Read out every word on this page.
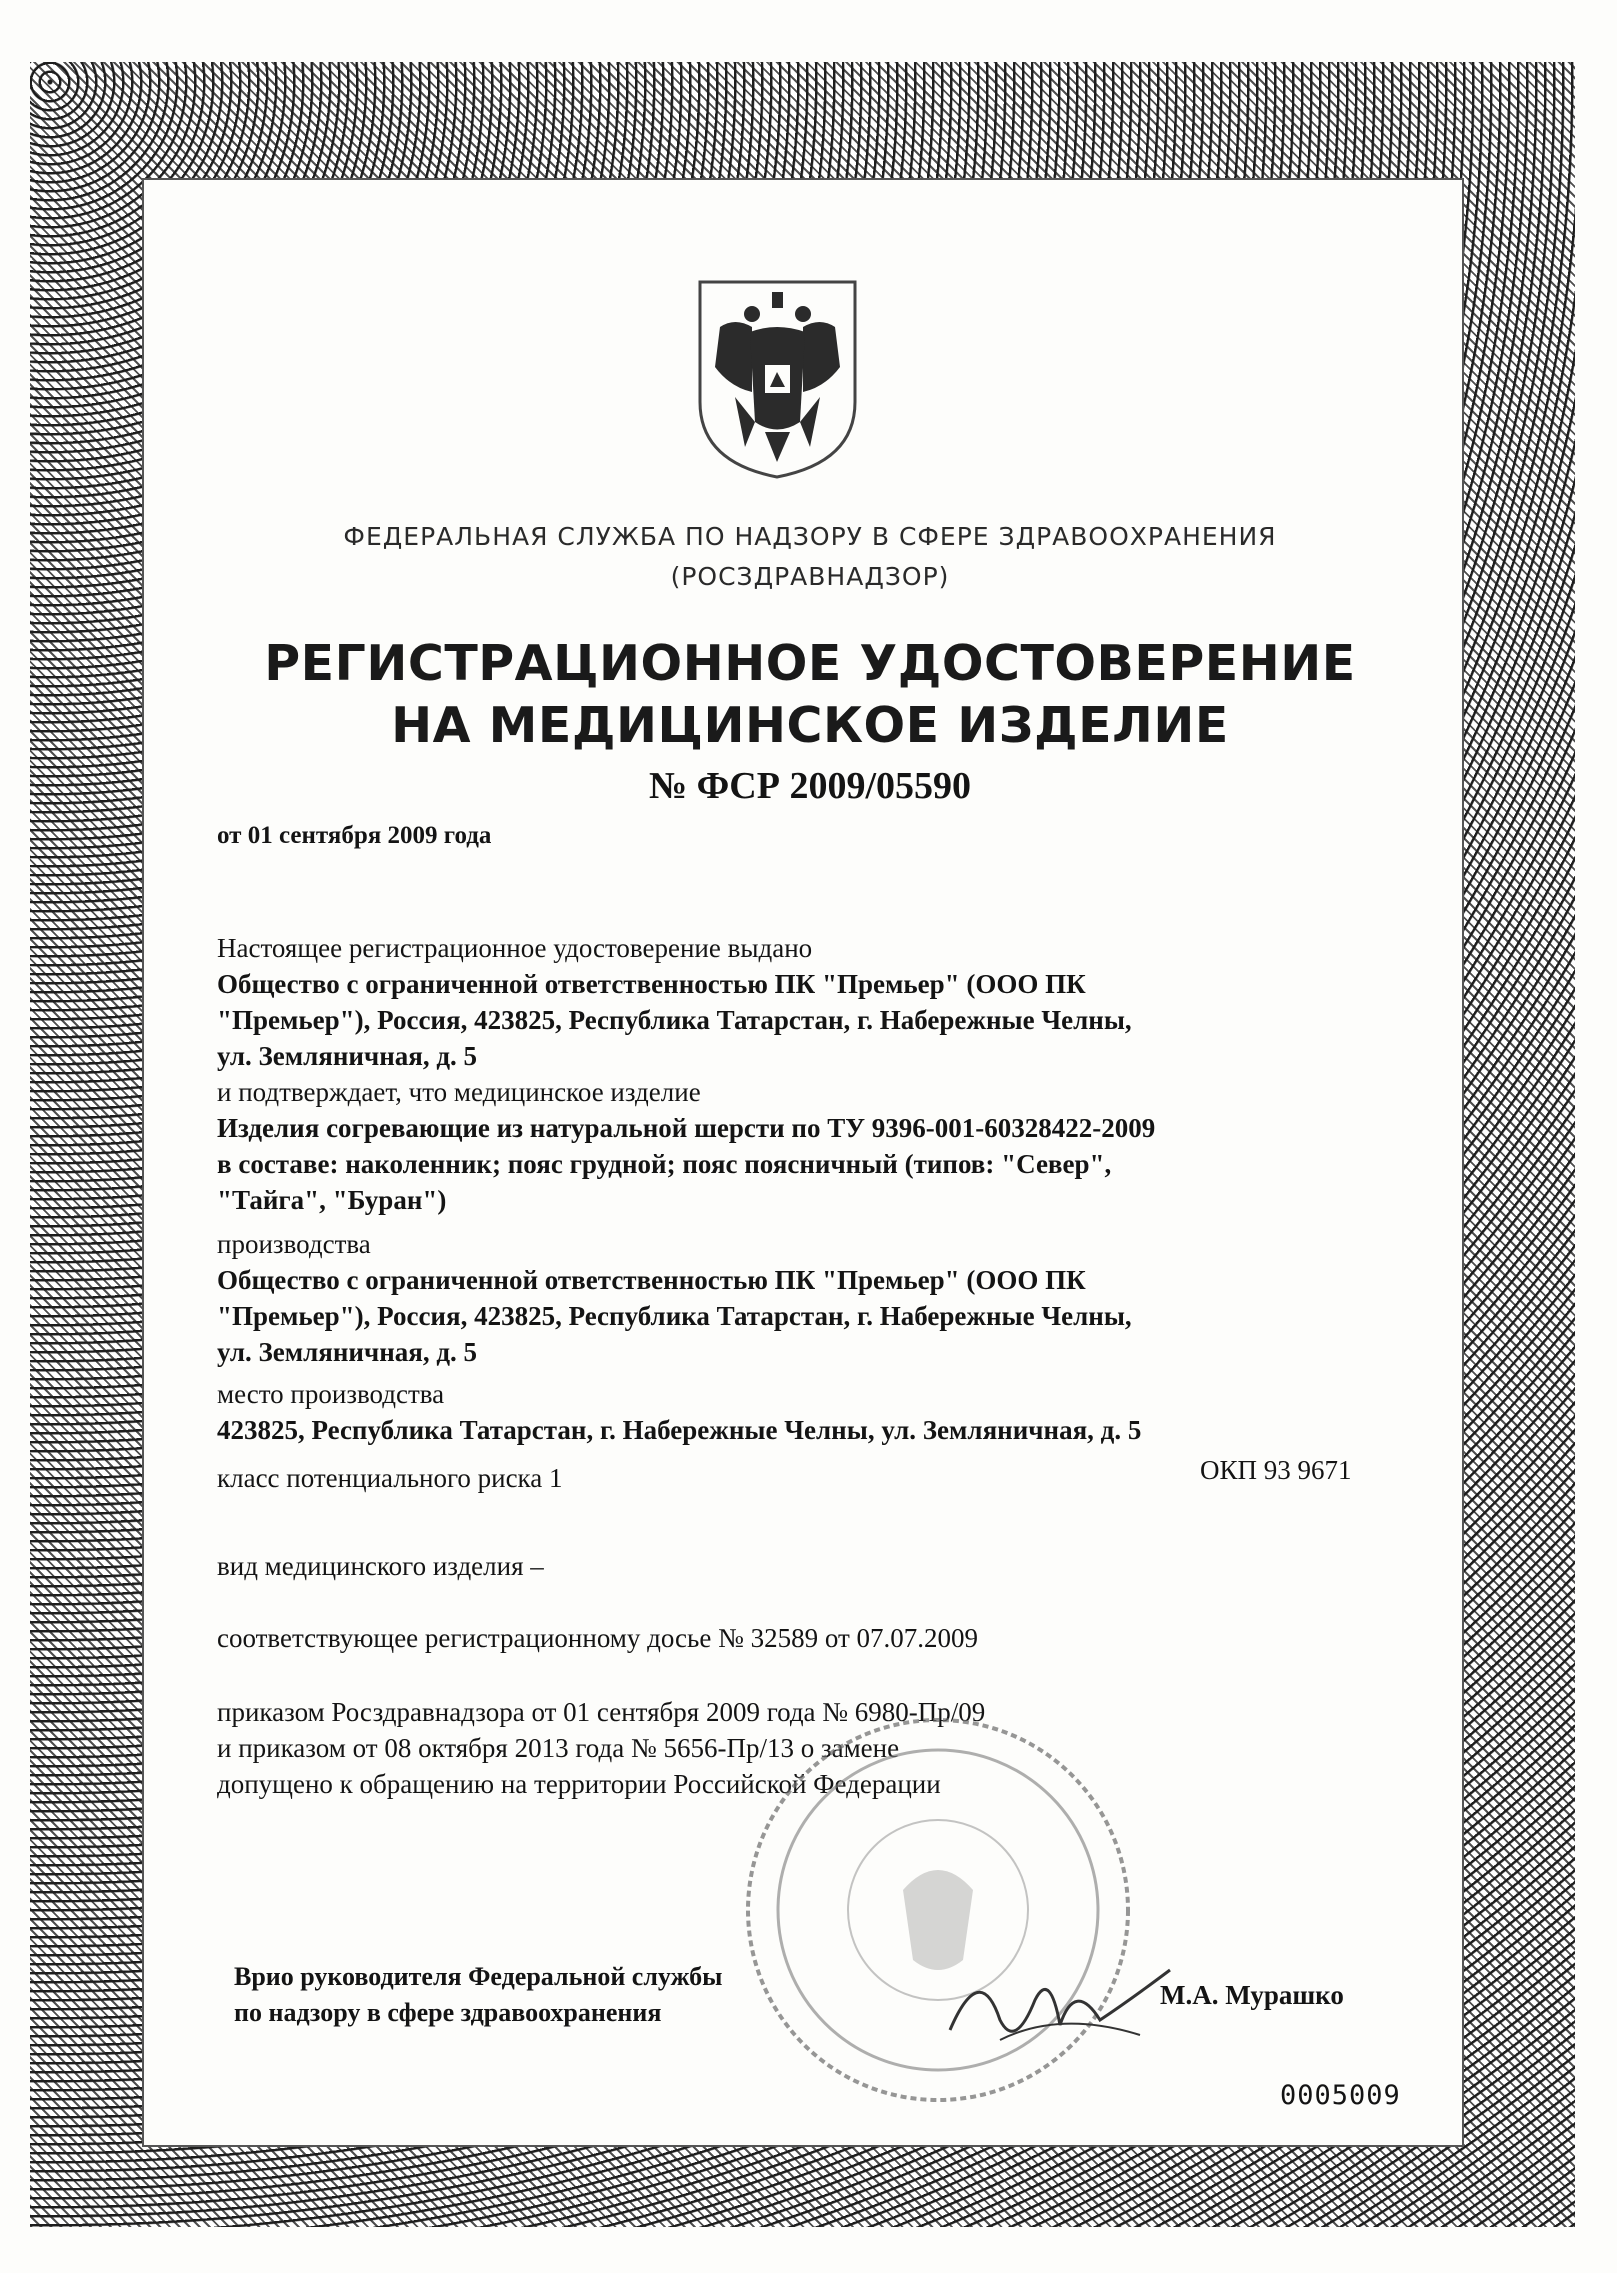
ФЕДЕРАЛЬНАЯ СЛУЖБА ПО НАДЗОРУ В СФЕРЕ ЗДРАВООХРАНЕНИЯ
(РОСЗДРАВНАДЗОР)
РЕГИСТРАЦИОННОЕ УДОСТОВЕРЕНИЕ
НА МЕДИЦИНСКОЕ ИЗДЕЛИЕ
№ ФСР 2009/05590
от 01 сентября 2009 года
Настоящее регистрационное удостоверение выдано
Общество с ограниченной ответственностью ПК "Премьер" (ООО ПК
"Премьер"), Россия, 423825, Республика Татарстан, г. Набережные Челны,
ул. Земляничная, д. 5
и подтверждает, что медицинское изделие
Изделия согревающие из натуральной шерсти по ТУ 9396-001-60328422-2009
в составе: наколенник; пояс грудной; пояс поясничный (типов: "Север",
"Тайга", "Буран")
производства
Общество с ограниченной ответственностью ПК "Премьер" (ООО ПК
"Премьер"), Россия, 423825, Республика Татарстан, г. Набережные Челны,
ул. Земляничная, д. 5
место производства
423825, Республика Татарстан, г. Набережные Челны, ул. Земляничная, д. 5
класс потенциального риска 1	ОКП 93 9671
вид медицинского изделия –
соответствующее регистрационному досье № 32589 от 07.07.2009
приказом Росздравнадзора от 01 сентября 2009 года № 6980-Пр/09
и приказом от 08 октября 2013 года № 5656-Пр/13 о замене
допущено к обращению на территории Российской Федерации
Врио руководителя Федеральной службы
по надзору в сфере здравоохранения
М.А. Мурашко
0005009
